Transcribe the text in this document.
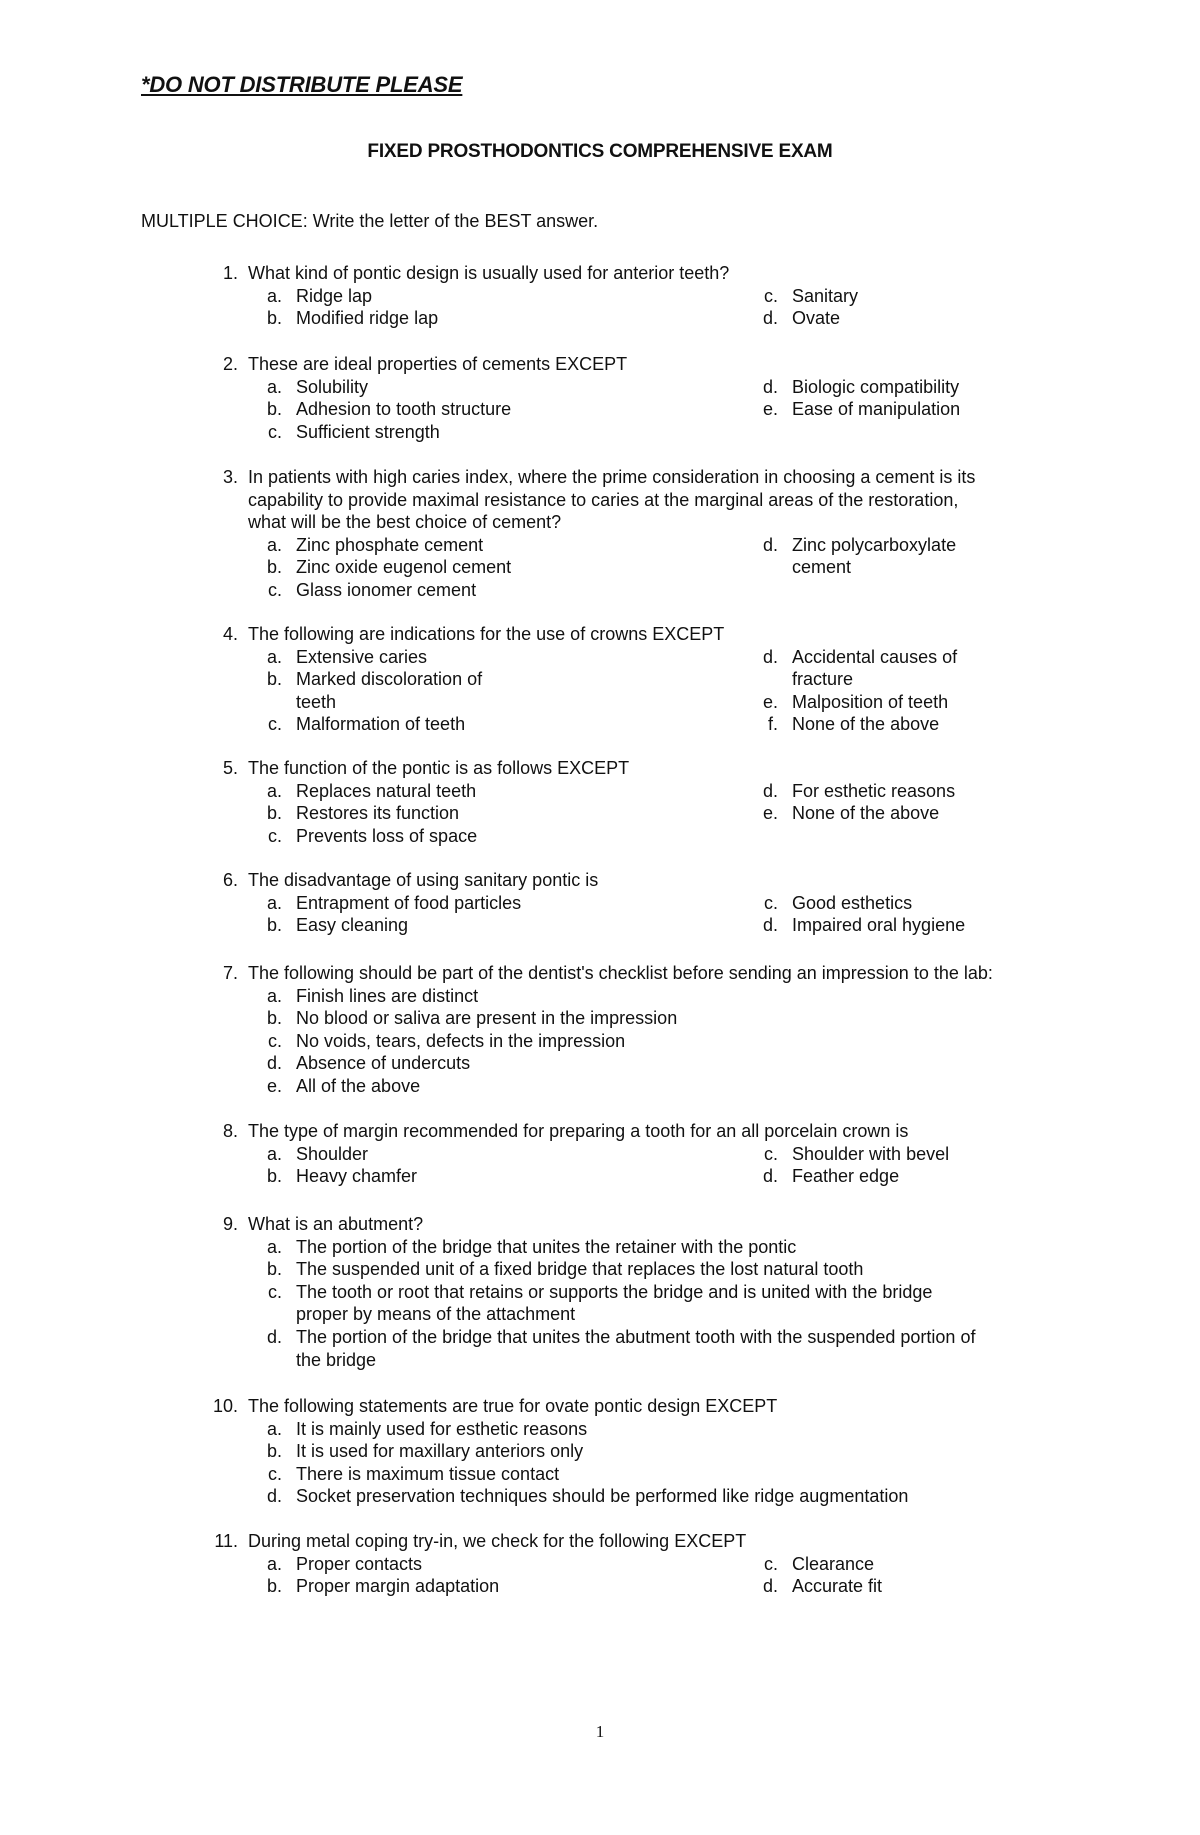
*DO NOT DISTRIBUTE PLEASE
FIXED PROSTHODONTICS COMPREHENSIVE EXAM
MULTIPLE CHOICE: Write the letter of the BEST answer.
1. What kind of pontic design is usually used for anterior teeth?
a. Ridge lap
b. Modified ridge lap
c. Sanitary
d. Ovate
2. These are ideal properties of cements EXCEPT
a. Solubility
b. Adhesion to tooth structure
c. Sufficient strength
d. Biologic compatibility
e. Ease of manipulation
3. In patients with high caries index, where the prime consideration in choosing a cement is its
capability to provide maximal resistance to caries at the marginal areas of the restoration,
what will be the best choice of cement?
a. Zinc phosphate cement
b. Zinc oxide eugenol cement
c. Glass ionomer cement
d. Zinc polycarboxylate
cement
4. The following are indications for the use of crowns EXCEPT
a. Extensive caries
b. Marked discoloration of
teeth
c. Malformation of teeth
d. Accidental causes of
fracture
e. Malposition of teeth
f. None of the above
5. The function of the pontic is as follows EXCEPT
a. Replaces natural teeth
b. Restores its function
c. Prevents loss of space
d. For esthetic reasons
e. None of the above
6. The disadvantage of using sanitary pontic is
a. Entrapment of food particles
b. Easy cleaning
c. Good esthetics
d. Impaired oral hygiene
7. The following should be part of the dentist's checklist before sending an impression to the lab:
a. Finish lines are distinct
b. No blood or saliva are present in the impression
c. No voids, tears, defects in the impression
d. Absence of undercuts
e. All of the above
8. The type of margin recommended for preparing a tooth for an all porcelain crown is
a. Shoulder
b. Heavy chamfer
c. Shoulder with bevel
d. Feather edge
9. What is an abutment?
a. The portion of the bridge that unites the retainer with the pontic
b. The suspended unit of a fixed bridge that replaces the lost natural tooth
c. The tooth or root that retains or supports the bridge and is united with the bridge
proper by means of the attachment
d. The portion of the bridge that unites the abutment tooth with the suspended portion of
the bridge
10. The following statements are true for ovate pontic design EXCEPT
a. It is mainly used for esthetic reasons
b. It is used for maxillary anteriors only
c. There is maximum tissue contact
d. Socket preservation techniques should be performed like ridge augmentation
11. During metal coping try-in, we check for the following EXCEPT
a. Proper contacts
b. Proper margin adaptation
c. Clearance
d. Accurate fit
1
